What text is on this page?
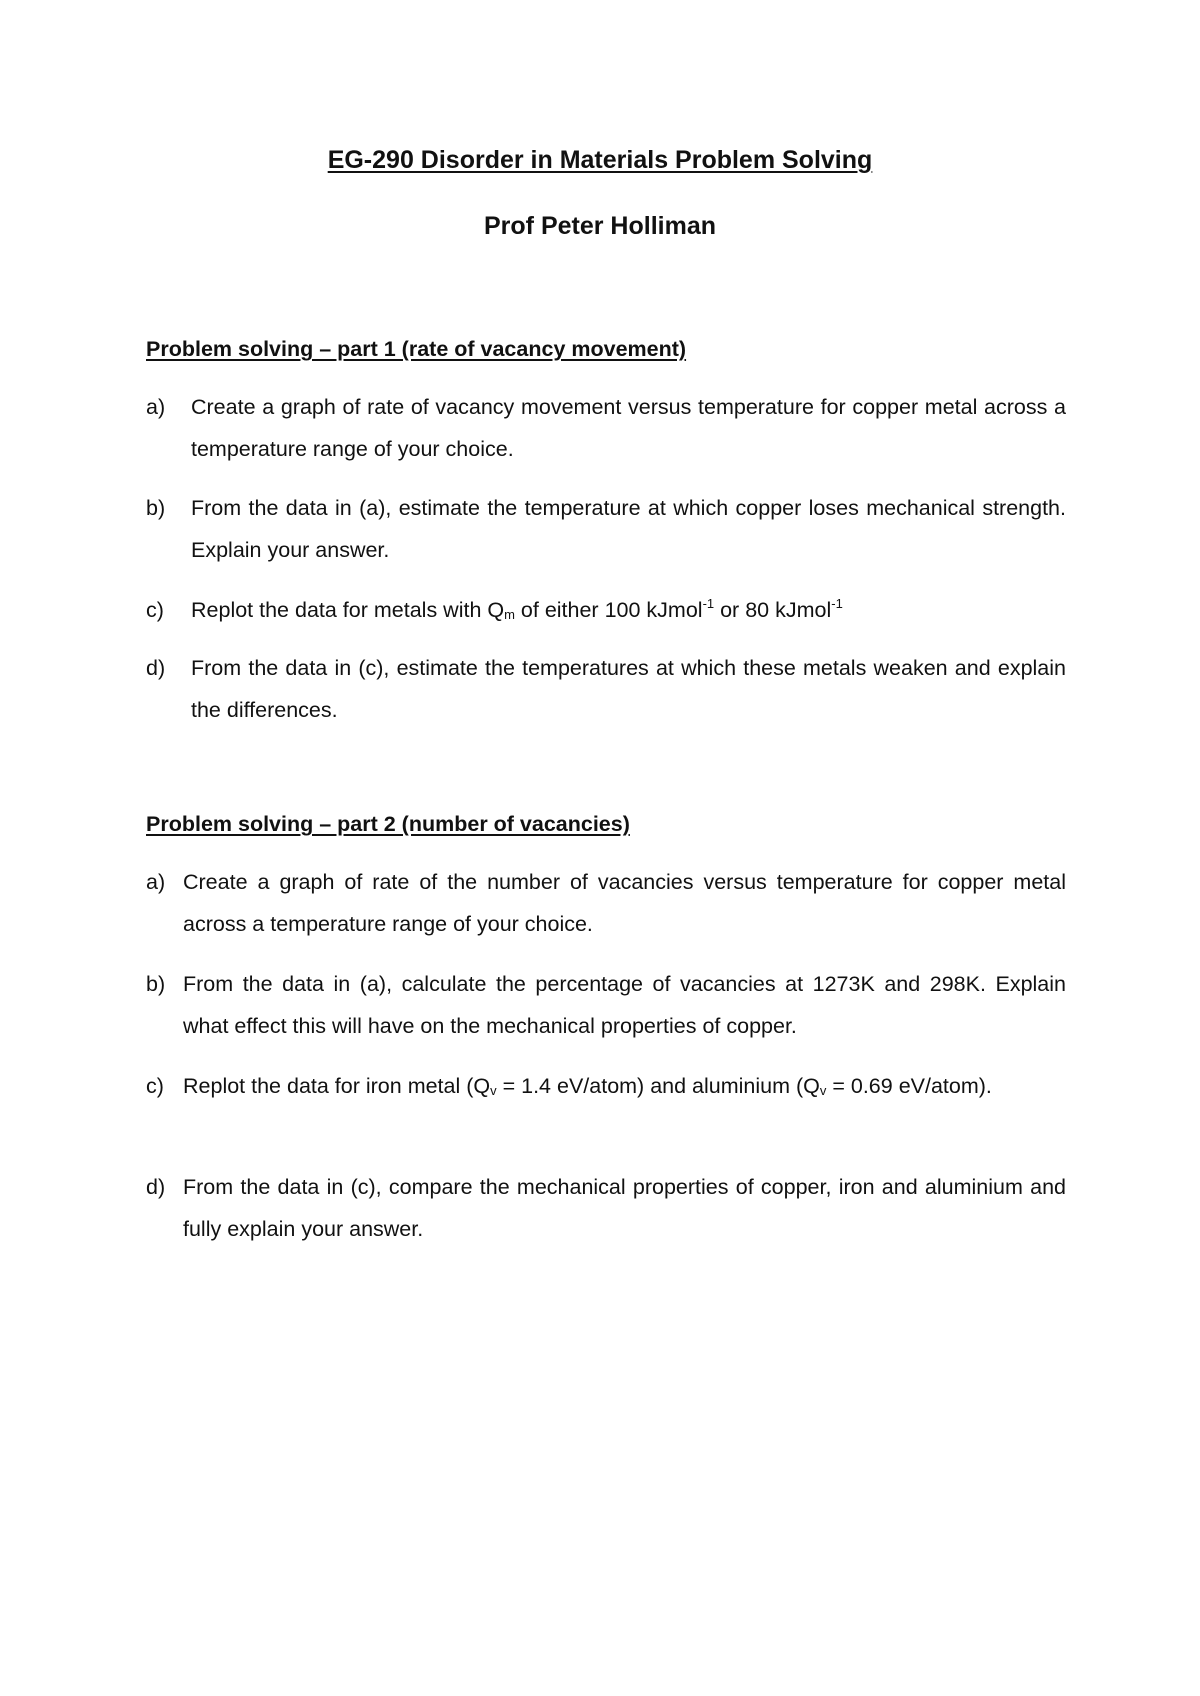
EG-290 Disorder in Materials Problem Solving
Prof Peter Holliman
Problem solving – part 1 (rate of vacancy movement)
a) Create a graph of rate of vacancy movement versus temperature for copper metal across a temperature range of your choice.
b) From the data in (a), estimate the temperature at which copper loses mechanical strength. Explain your answer.
c) Replot the data for metals with $Q_m$ of either 100 kJmol$^{-1}$ or 80 kJmol$^{-1}$
d) From the data in (c), estimate the temperatures at which these metals weaken and explain the differences.
Problem solving – part 2 (number of vacancies)
a) Create a graph of rate of the number of vacancies versus temperature for copper metal across a temperature range of your choice.
b) From the data in (a), calculate the percentage of vacancies at 1273K and 298K. Explain what effect this will have on the mechanical properties of copper.
c) Replot the data for iron metal ($Q_v = 1.4$ eV/atom) and aluminium ($Q_v = 0.69$ eV/atom).
d) From the data in (c), compare the mechanical properties of copper, iron and aluminium and fully explain your answer.
